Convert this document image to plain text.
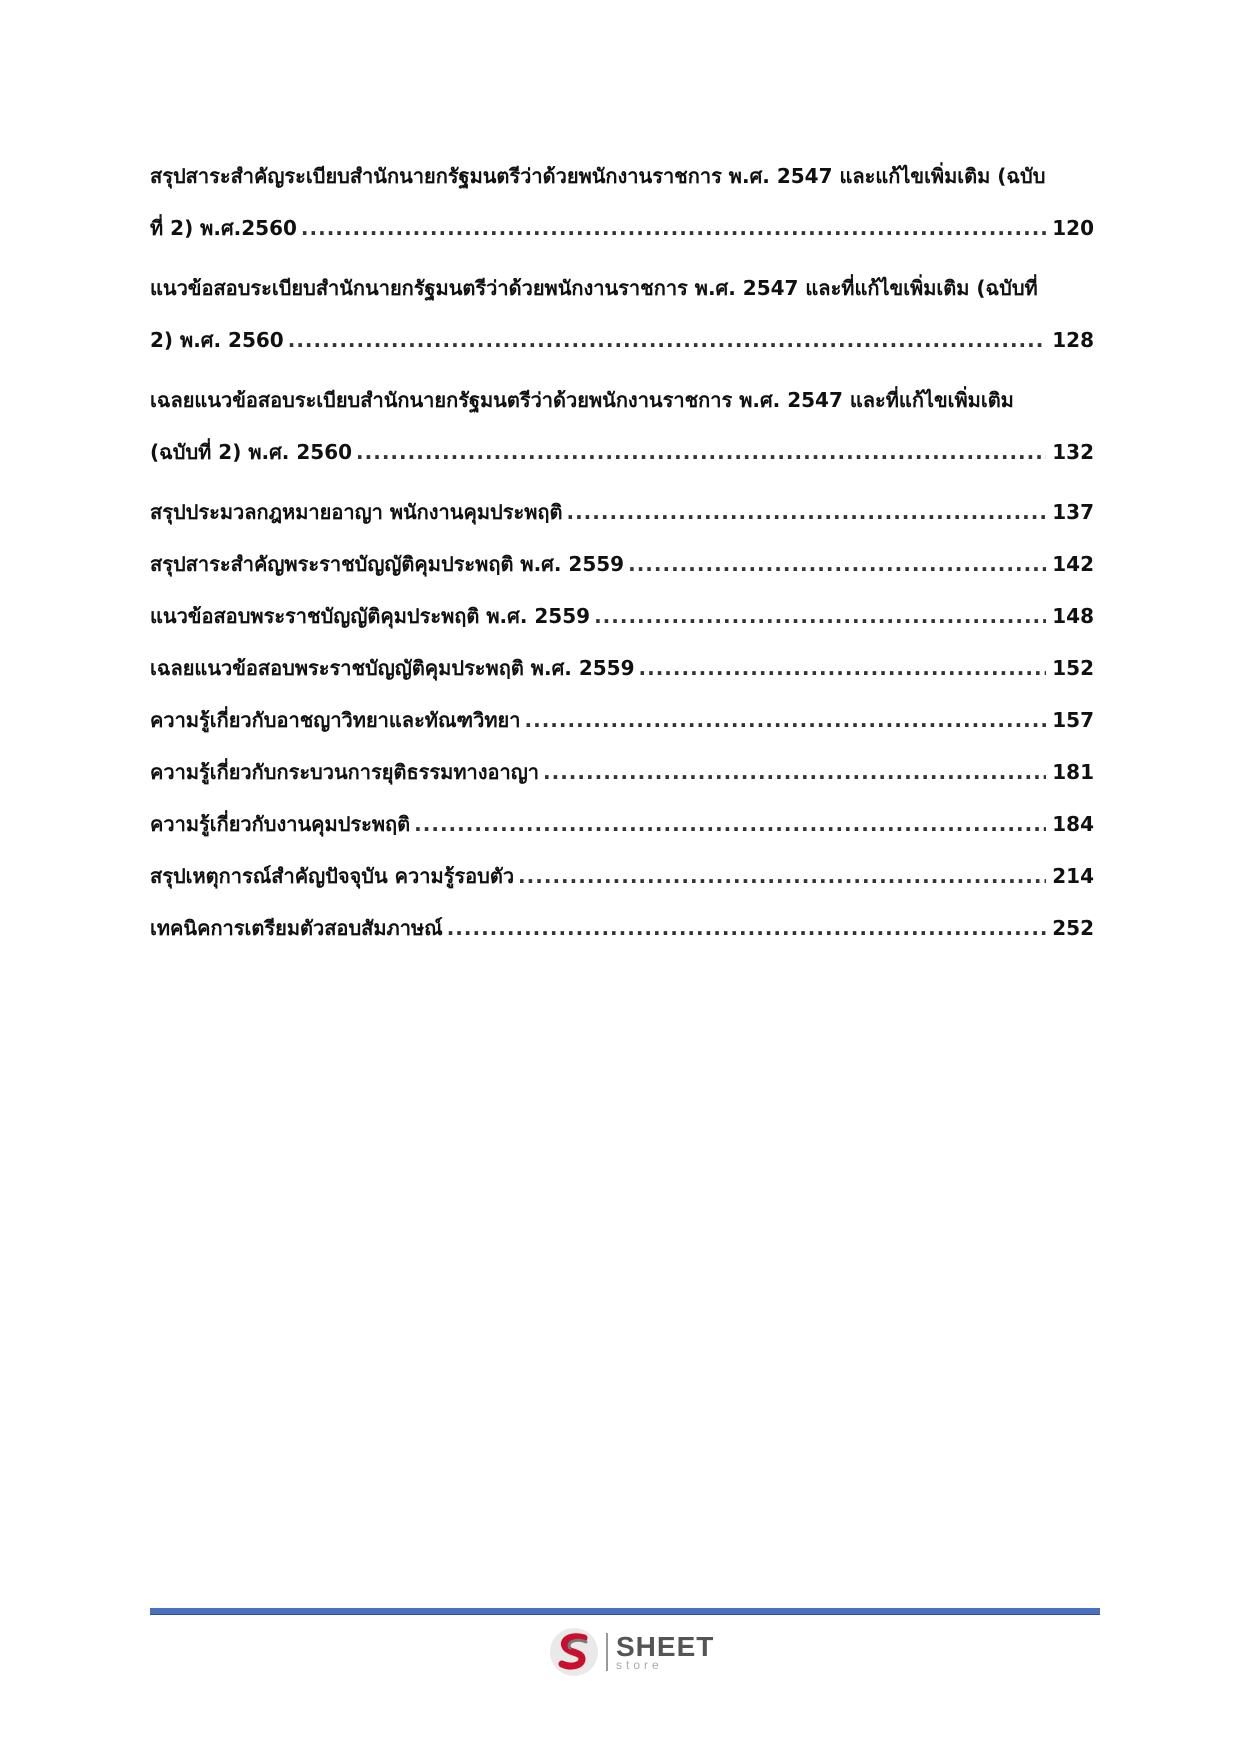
สรุปสาระสำคัญระเบียบสำนักนายกรัฐมนตรีว่าด้วยพนักงานราชการ พ.ศ. 2547 และแก้ไขเพิ่มเติม (ฉบับ
ที่ 2) พ.ศ.2560 .....	120
แนวข้อสอบระเบียบสำนักนายกรัฐมนตรีว่าด้วยพนักงานราชการ พ.ศ. 2547 และที่แก้ไขเพิ่มเติม (ฉบับที่
2) พ.ศ. 2560 .....	128
เฉลยแนวข้อสอบระเบียบสำนักนายกรัฐมนตรีว่าด้วยพนักงานราชการ พ.ศ. 2547 และที่แก้ไขเพิ่มเติม
(ฉบับที่ 2) พ.ศ. 2560 .....	132
สรุปประมวลกฎหมายอาญา พนักงานคุมประพฤติ .....	137
สรุปสาระสำคัญพระราชบัญญัติคุมประพฤติ พ.ศ. 2559 .....	142
แนวข้อสอบพระราชบัญญัติคุมประพฤติ พ.ศ. 2559 .....	148
เฉลยแนวข้อสอบพระราชบัญญัติคุมประพฤติ พ.ศ. 2559 .....	152
ความรู้เกี่ยวกับอาชญาวิทยาและทัณฑวิทยา .....	157
ความรู้เกี่ยวกับกระบวนการยุติธรรมทางอาญา .....	181
ความรู้เกี่ยวกับงานคุมประพฤติ .....	184
สรุปเหตุการณ์สำคัญปัจจุบัน ความรู้รอบตัว .....	214
เทคนิคการเตรียมตัวสอบสัมภาษณ์ .....	252
SHEET
store
